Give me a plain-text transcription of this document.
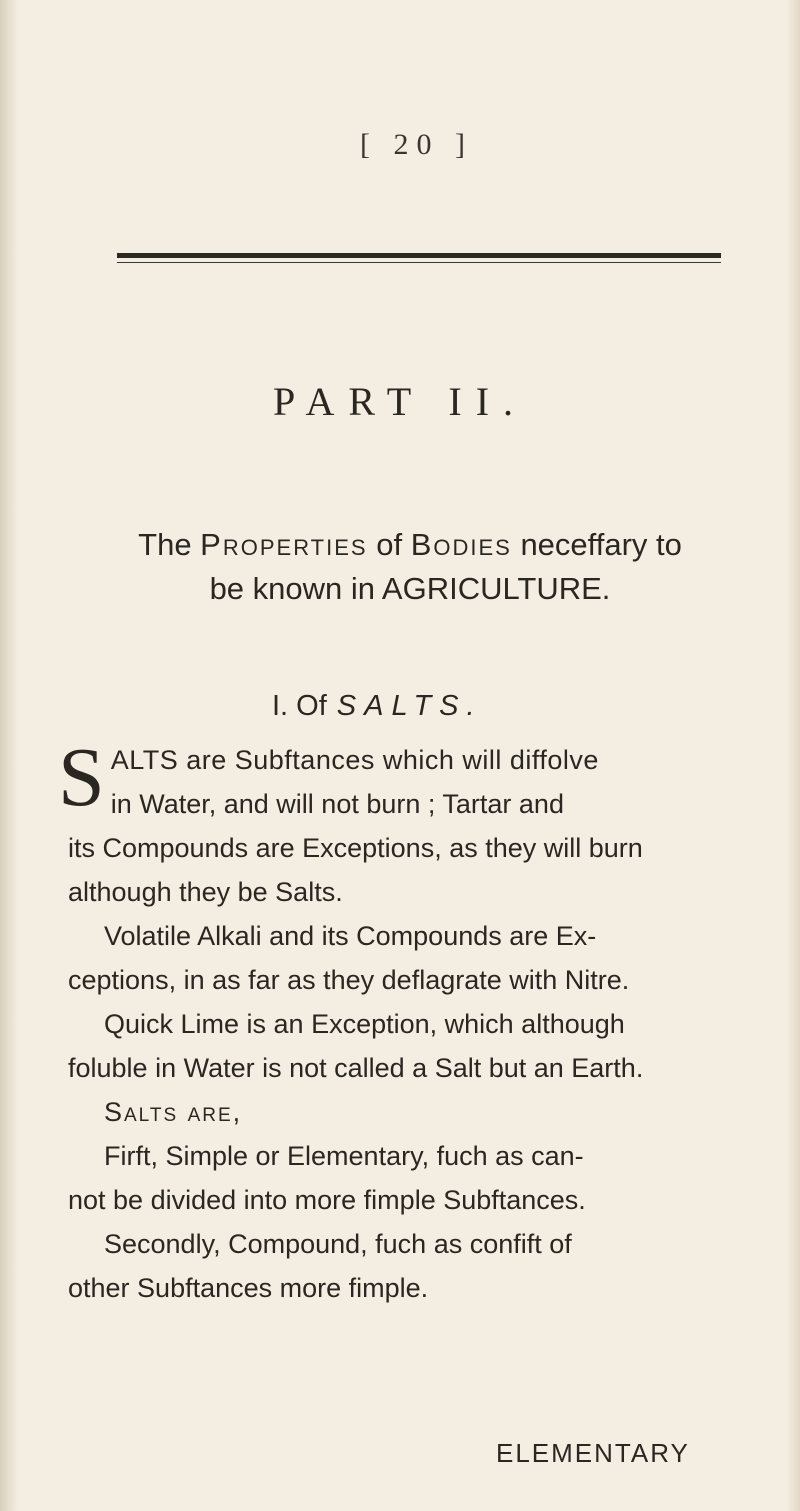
[ 20 ]
PART II.
The Properties of Bodies neceffary to
be known in AGRICULTURE.
I. Of SALTS.
S ALTS are Subftances which will diffolve
in Water, and will not burn ; Tartar and
its Compounds are Exceptions, as they will burn
although they be Salts.
Volatile Alkali and its Compounds are Ex-
ceptions, in as far as they deflagrate with Nitre.
Quick Lime is an Exception, which although
foluble in Water is not called a Salt but an Earth.
Salts are,
Firft, Simple or Elementary, fuch as can-
not be divided into more fimple Subftances.
Secondly, Compound, fuch as confift of
other Subftances more fimple.
ELEMENTARY
